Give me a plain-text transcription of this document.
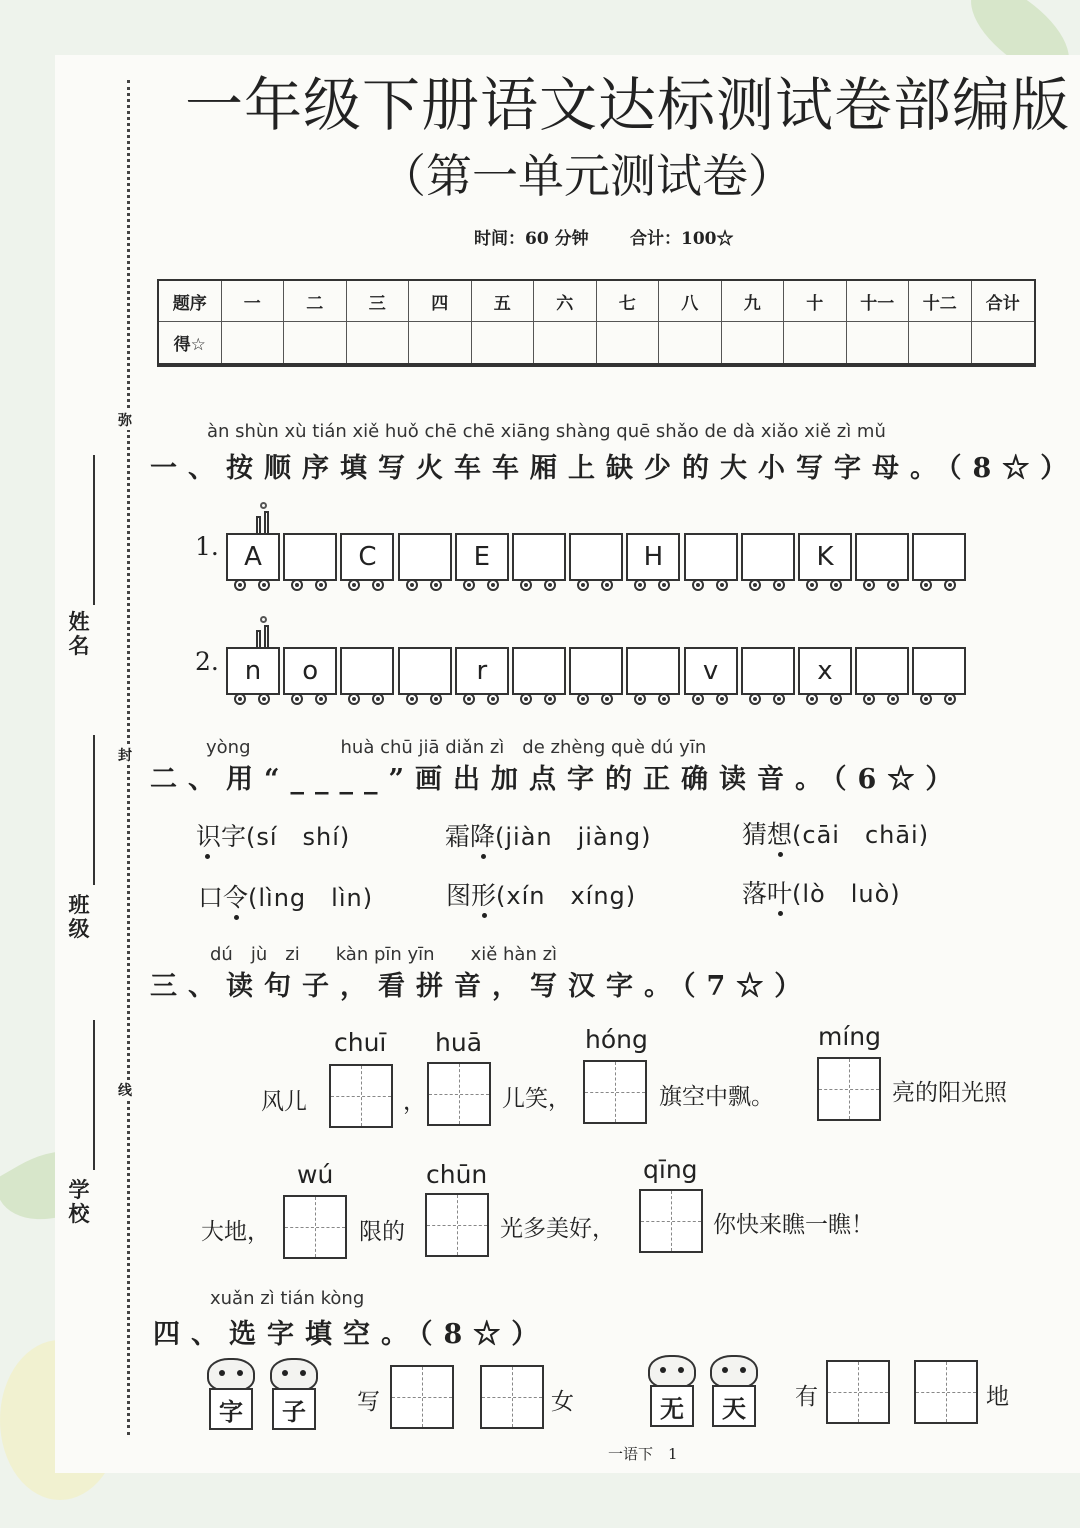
一年级下册语文达标测试卷部编版
（第一单元测试卷）
时间：60 分钟 合计：100☆
弥
封
线
姓名
班级
学校
题序	一	二	三	四	五	六	七	八	九	十	十一	十二	合计
得☆
àn shùn xù tián xiě huǒ chē chē xiāng shàng quē shǎo de dà xiǎo xiě zì mǔ
一、按顺序填写火车车厢上缺少的大小写字母。（8☆）
1.
2.
A	C	E	H	K
n	o	r	v	x
yòng　　　　　huà chū jiā diǎn zì　de zhèng què dú yīn
二、用“____”画出加点字的正确读音。（6☆）
识字(sí　shí)	霜降(jiàn　jiàng)	猜想(cāi　chāi)
口令(lìng　lìn)	图形(xín　xíng)	落叶(lò　luò)
dú　jù　zi　　kàn pīn yīn　　xiě hàn zì
三、读句子，看拼音，写汉字。（7☆）
chuī huā	hóng	míng
wú	chūn	qīng
风儿	，	儿笑，	旗空中飘。	亮的阳光照
大地，	限的	光多美好，	你快来瞧一瞧！
xuǎn zì tián kòng
四、选字填空。（8☆）
字	子	无	天
写	女	有	地
一语下　1
